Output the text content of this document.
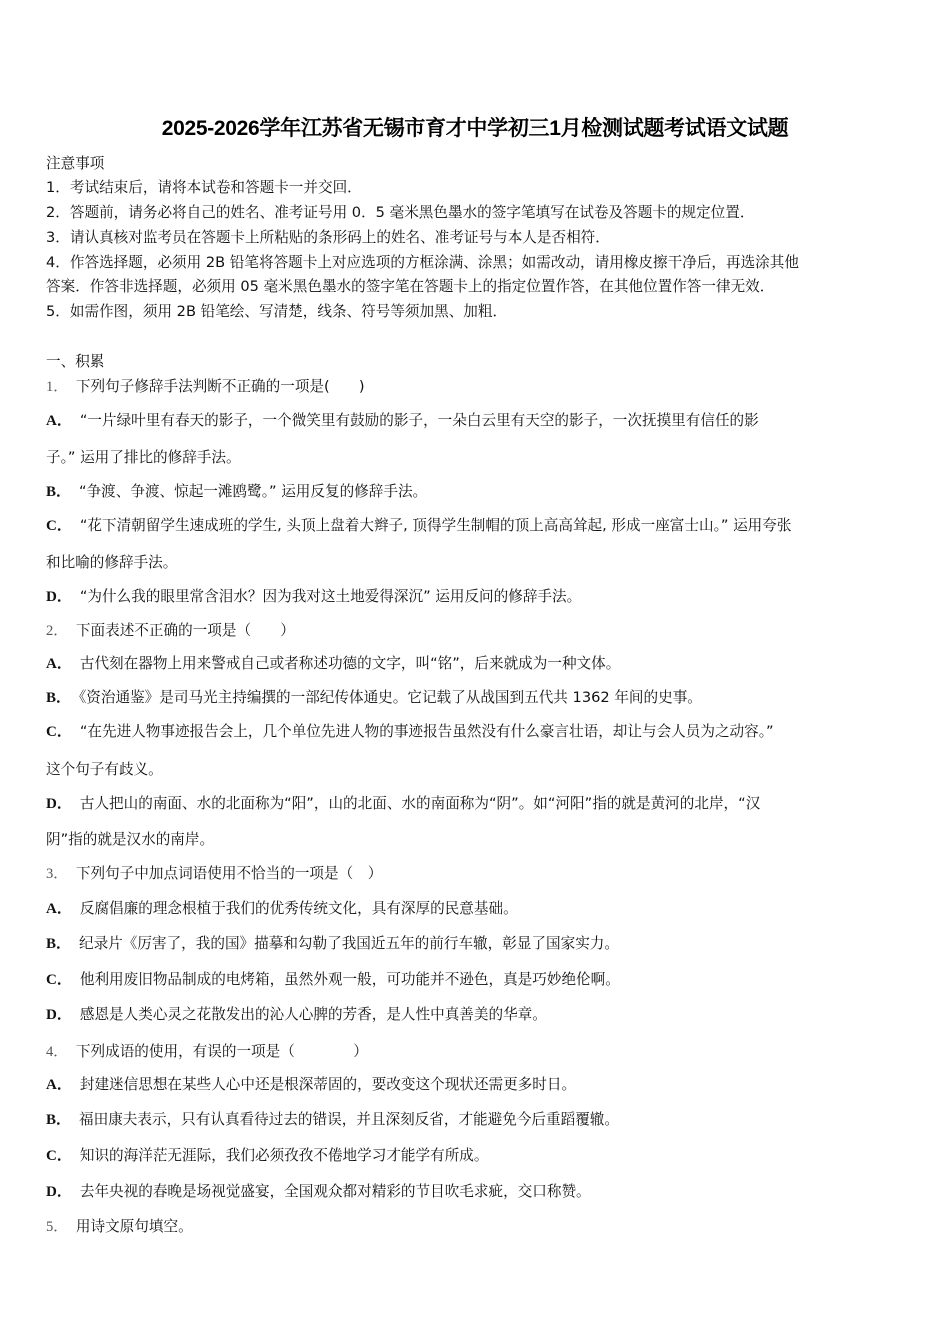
2025-2026学年江苏省无锡市育才中学初三1月检测试题考试语文试题
注意事项
1．考试结束后，请将本试卷和答题卡一并交回．
2．答题前，请务必将自己的姓名、准考证号用 0．5 毫米黑色墨水的签字笔填写在试卷及答题卡的规定位置．
3．请认真核对监考员在答题卡上所粘贴的条形码上的姓名、准考证号与本人是否相符．
4．作答选择题，必须用 2B 铅笔将答题卡上对应选项的方框涂满、涂黑；如需改动，请用橡皮擦干净后，再选涂其他
答案．作答非选择题，必须用 05 毫米黑色墨水的签字笔在答题卡上的指定位置作答，在其他位置作答一律无效．
5．如需作图，须用 2B 铅笔绘、写清楚，线条、符号等须加黑、加粗．
一、积累
1． 下列句子修辞手法判断不正确的一项是(　　)
A． “一片绿叶里有春天的影子，一个微笑里有鼓励的影子，一朵白云里有天空的影子，一次抚摸里有信任的影
子。” 运用了排比的修辞手法。
B． “争渡、争渡、惊起一滩鸥鹭。” 运用反复的修辞手法。
C． “花下清朝留学生速成班的学生, 头顶上盘着大辫子, 顶得学生制帽的顶上高高耸起, 形成一座富士山。” 运用夸张
和比喻的修辞手法。
D． “为什么我的眼里常含泪水？因为我对这土地爱得深沉” 运用反问的修辞手法。
2． 下面表述不正确的一项是（　　）
A． 古代刻在器物上用来警戒自己或者称述功德的文字，叫“铭”，后来就成为一种文体。
B． 《资治通鉴》是司马光主持编撰的一部纪传体通史。它记载了从战国到五代共 1362 年间的史事。
C． “在先进人物事迹报告会上，几个单位先进人物的事迹报告虽然没有什么豪言壮语，却让与会人员为之动容。”
这个句子有歧义。
D． 古人把山的南面、水的北面称为“阳”，山的北面、水的南面称为“阴”。如“河阳”指的就是黄河的北岸，“汉
阴”指的就是汉水的南岸。
3． 下列句子中加点词语使用不恰当的一项是（　）
A． 反腐倡廉的理念根植于我们的优秀传统文化，具有深厚的民意基础。
B． 纪录片《厉害了，我的国》描摹和勾勒了我国近五年的前行车辙，彰显了国家实力。
C． 他利用废旧物品制成的电烤箱，虽然外观一般，可功能并不逊色，真是巧妙绝伦啊。
D． 感恩是人类心灵之花散发出的沁人心脾的芳香，是人性中真善美的华章。
4． 下列成语的使用，有误的一项是（　　　　）
A． 封建迷信思想在某些人心中还是根深蒂固的，要改变这个现状还需更多时日。
B． 福田康夫表示，只有认真看待过去的错误，并且深刻反省，才能避免今后重蹈覆辙。
C． 知识的海洋茫无涯际，我们必须孜孜不倦地学习才能学有所成。
D． 去年央视的春晚是场视觉盛宴，全国观众都对精彩的节目吹毛求疵，交口称赞。
5． 用诗文原句填空。
